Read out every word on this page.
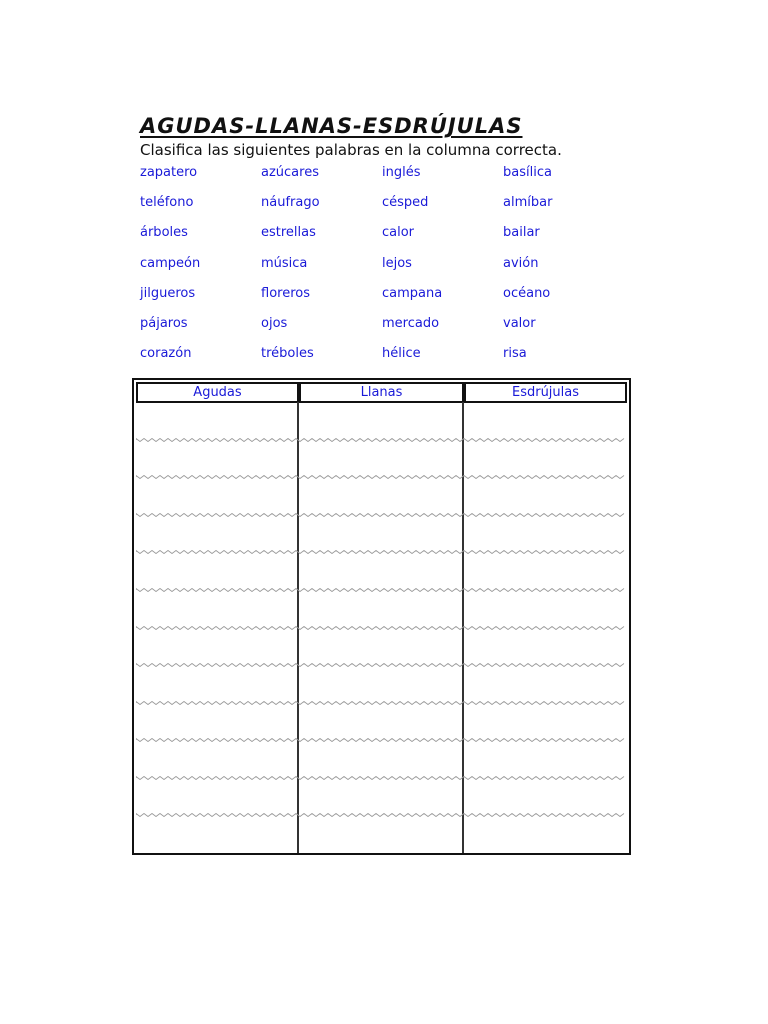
AGUDAS-LLANAS-ESDRÚJULAS
Clasifica las siguientes palabras en la columna correcta.
zapatero	azúcares	inglés	basílica
teléfono	náufrago	césped	almíbar
árboles	estrellas	calor	bailar
campeón	música	lejos	avión
jilgueros	floreros	campana	océano
pájaros	ojos	mercado	valor
corazón	tréboles	hélice	risa
Agudas	Llanas	Esdrújulas
